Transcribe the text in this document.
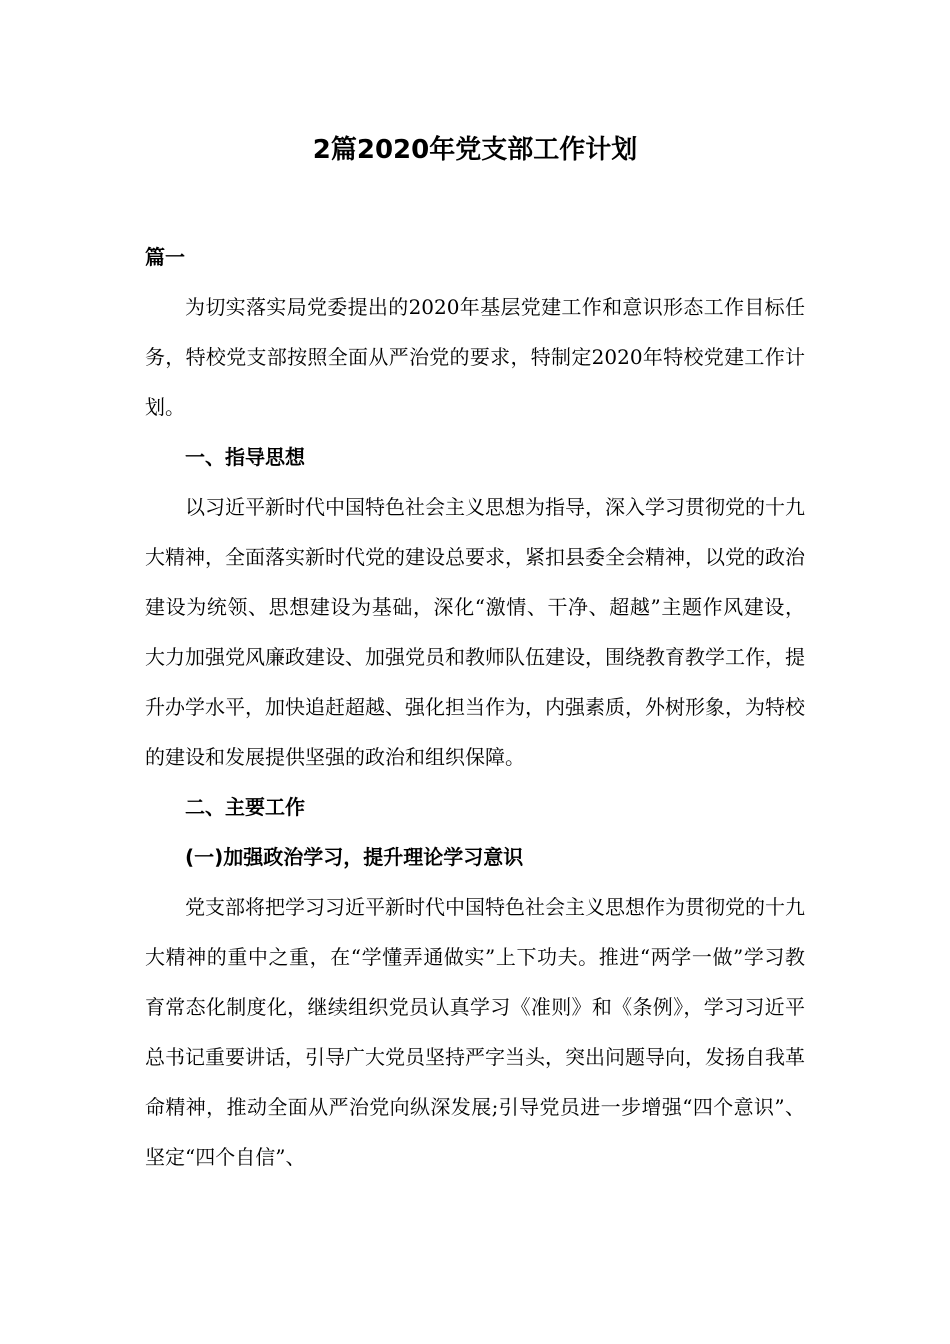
2篇2020年党支部工作计划

篇一

为切实落实局党委提出的2020年基层党建工作和意识形态工作目标任务，特校党支部按照全面从严治党的要求，特制定2020年特校党建工作计划。

一、指导思想

以习近平新时代中国特色社会主义思想为指导，深入学习贯彻党的十九大精神，全面落实新时代党的建设总要求，紧扣县委全会精神，以党的政治建设为统领、思想建设为基础，深化“激情、干净、超越”主题作风建设，大力加强党风廉政建设、加强党员和教师队伍建设，围绕教育教学工作，提升办学水平，加快追赶超越、强化担当作为，内强素质，外树形象，为特校的建设和发展提供坚强的政治和组织保障。

二、主要工作

(一)加强政治学习，提升理论学习意识

党支部将把学习习近平新时代中国特色社会主义思想作为贯彻党的十九大精神的重中之重，在“学懂弄通做实”上下功夫。推进“两学一做”学习教育常态化制度化，继续组织党员认真学习《准则》和《条例》，学习习近平总书记重要讲话，引导广大党员坚持严字当头，突出问题导向，发扬自我革命精神，推动全面从严治党向纵深发展;引导党员进一步增强“四个意识”、坚定“四个自信”、
